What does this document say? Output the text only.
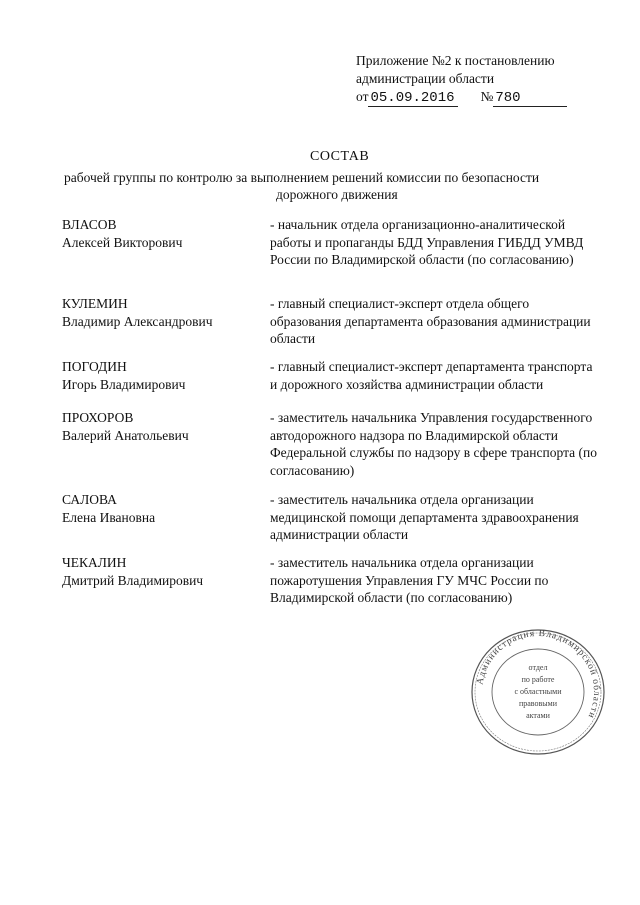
Приложение №2 к постановлению
администрации области
от 05.09.2016 № 780
СОСТАВ
рабочей группы по контролю за выполнением решений комиссии по безопасности
дорожного движения
ВЛАСОВ
Алексей Викторович
- начальник отдела организационно-аналитической работы и пропаганды БДД Управления ГИБДД УМВД России по Владимирской области (по согласованию)
КУЛЕМИН
Владимир Александрович
- главный специалист-эксперт отдела общего образования департамента образования администрации области
ПОГОДИН
Игорь Владимирович
- главный специалист-эксперт департамента транспорта и дорожного хозяйства администрации области
ПРОХОРОВ
Валерий Анатольевич
- заместитель начальника Управления государственного автодорожного надзора по Владимирской области Федеральной службы по надзору в сфере транспорта (по согласованию)
САЛОВА
Елена Ивановна
- заместитель начальника отдела организации медицинской помощи департамента здравоохранения администрации области
ЧЕКАЛИН
Дмитрий Владимирович
- заместитель начальника отдела организации пожаротушения Управления ГУ МЧС России по Владимирской области (по согласованию)
Администрация Владимирской области
отдел
по работе
с областными
правовыми
актами
